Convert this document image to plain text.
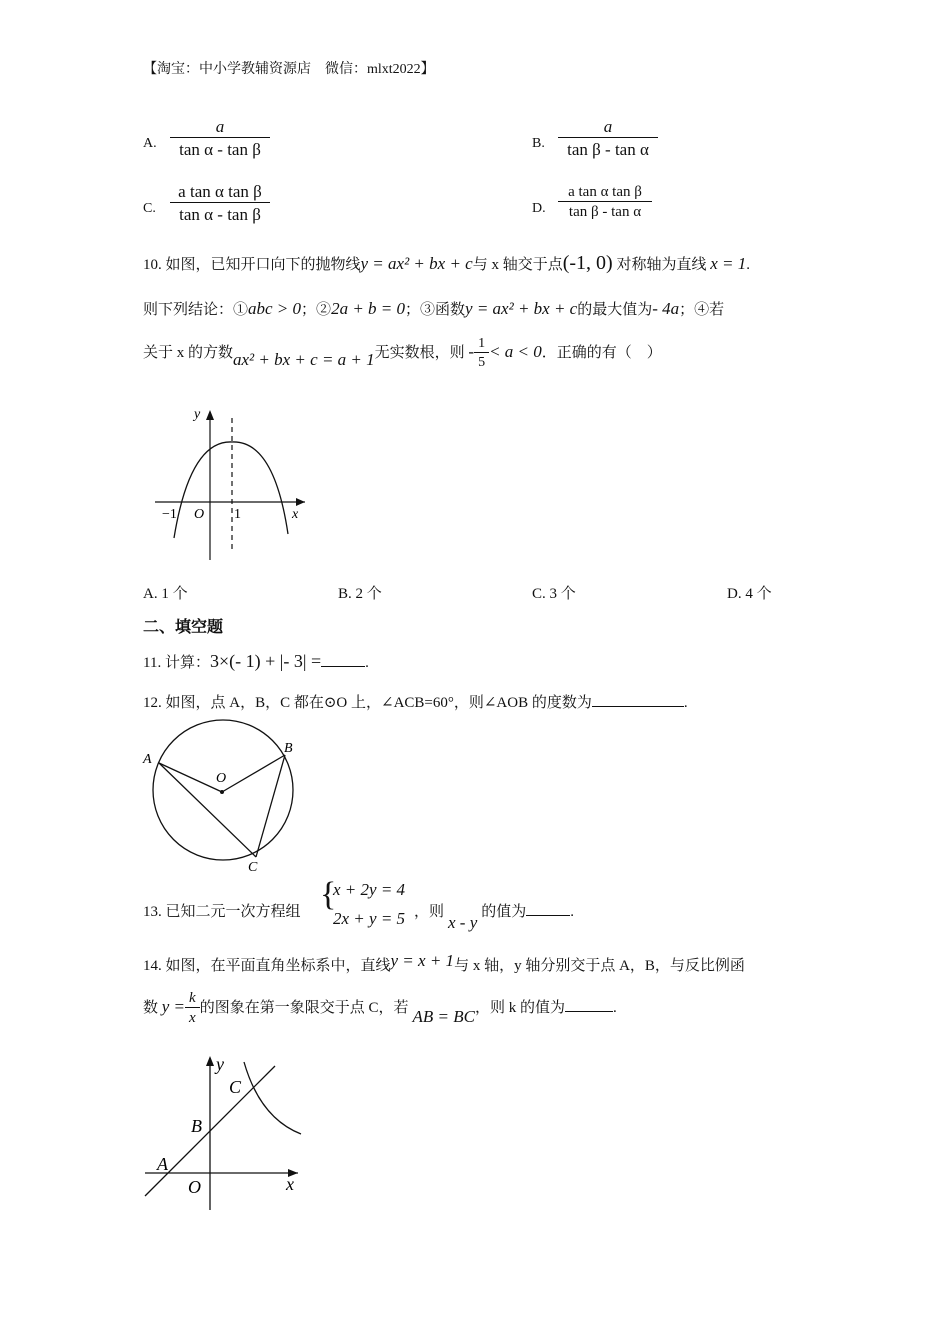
【淘宝：中小学教辅资源店　微信：mlxt2022】
A. $\frac{a}{\text{tan α - tan β}}$	B. $\frac{a}{\text{tan β - tan α}}$
C. $\frac{\text{a tan α tan β}}{\text{tan α - tan β}}$	D. $\frac{\text{a tan α tan β}}{\text{tan β - tan α}}$
10. 如图，已知开口向下的抛物线y = ax² + bx + c与 x 轴交于点(-1, 0) 对称轴为直线 x = 1.
则下列结论：①abc > 0；②2a + b = 0；③函数y = ax² + bx + c的最大值为- 4a；④若
关于 x 的方数ax² + bx + c = a + 1无实数根，则 - $\frac{1}{5} < a < 0$．正确的有（　）
y
x
O
−1	1
A. 1 个	B. 2 个	C. 3 个	D. 4 个
二、填空题
11. 计算：3×(- 1) + |- 3| =	.
12. 如图，点 A，B，C 都在⊙O 上，∠ACB=60°，则∠AOB 的度数为	.
A
B
O
C
13. 已知二元一次方程组 {
x + 2y = 4
2x + y = 5 ，则x - y的值为	.
14. 如图，在平面直角坐标系中，直线y = x + 1与 x 轴，y 轴分别交于点 A，B，与反比例函
数 $y = \frac{k}{x}$ 的图象在第一象限交于点 C，若 AB = BC，则 k 的值为	.
y
C
B
A
O	x
